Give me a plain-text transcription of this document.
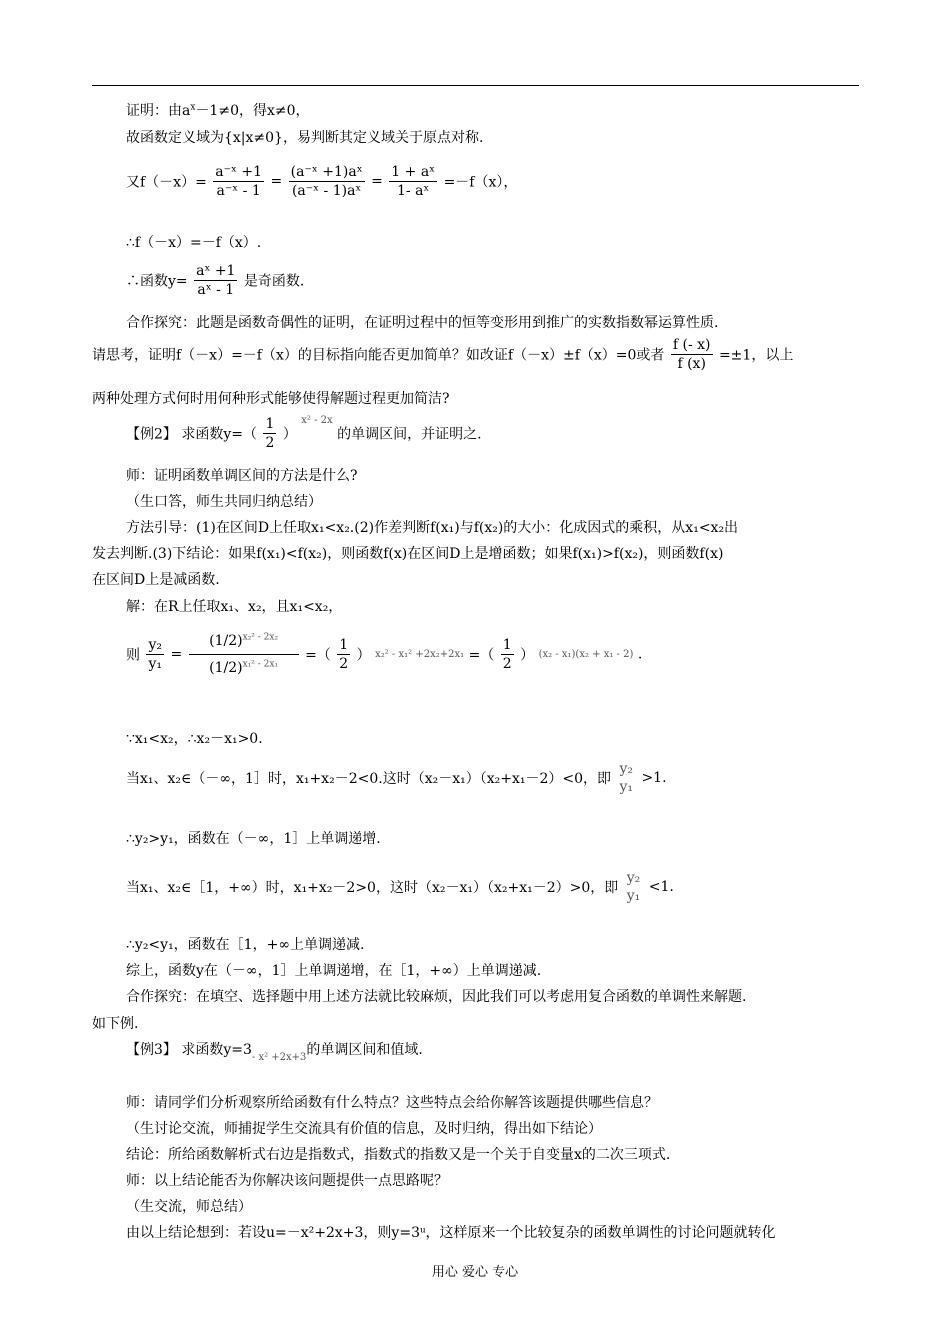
证明：由$a^x-1\ne 0$，得x≠0，
故函数定义域为{x|x≠0}，易判断其定义域关于原点对称.
又$f(-x)= \frac{\text{a⁻ˣ +1}}{\text{a⁻ˣ - 1}} = \frac{\text{(a⁻ˣ +1)aˣ}}{\text{(a⁻ˣ - 1)aˣ}} = \frac{\text{1 + aˣ}}{\text{1- aˣ}} =-f(x)$，
∴f（－x）=－f（x）.
∴函数$y= \frac{\text{aˣ +1}}{\text{aˣ - 1}}$ 是奇函数.
合作探究：此题是函数奇偶性的证明，在证明过程中的恒等变形用到推广的实数指数幂运算性质.
请思考，证明f（－x）=－f（x）的目标指向能否更加简单？如改证f（－x）±f（x）=0或者 $\frac{f (- x)}{f (x)} =\pm 1$，以上
两种处理方式何时用何种形式能够使得解题过程更加简洁?
【例2】 求函数$y=( \frac{1}{2}$ ） $^{x^2 - 2x}$ 的单调区间，并证明之.
师：证明函数单调区间的方法是什么?
（生口答，师生共同归纳总结）
方法引导：(1)在区间D上任取x₁<x₂.(2)作差判断f(x₁)与f(x₂)的大小：化成因式的乘积，从x₁<x₂出
发去判断.(3)下结论：如果f(x₁)<f(x₂)，则函数f(x)在区间D上是增函数；如果f(x₁)>f(x₂)，则函数f(x)
在区间D上是减函数.
解：在R上任取x₁、x₂，且x₁<x₂，
则 $\frac{\text{y₂}}{\text{y₁}} = \frac{(1/2)^{x_2^2 - 2x_2}}{(1/2)^{x_1^2 - 2x_1}}$ =（ $\frac{1}{2}$ ） x₂² - x₁² +2x₂+2x₁ =（ $\frac{1}{2}$ ） (x₂ - x₁)(x₂ + x₁ - 2) .
∵x₁<x₂，∴x₂－x₁>0.
当x₁、x₂∈（－∞，1］时，x₁+x₂－2<0.这时（x₂－x₁）（x₂+x₁－2）<0，即
y₂
y₁
>1.
∴y₂>y₁，函数在（－∞，1］上单调递增.
当x₁、x₂∈［1，+∞）时，x₁+x₂－2>0，这时（x₂－x₁）（x₂+x₁－2）>0，即
y₂
y₁
<1.
∴y₂<y₁，函数在［1，+∞上单调递减.
综上，函数y在（－∞，1］上单调递增，在［1，+∞）上单调递减.
合作探究：在填空、选择题中用上述方法就比较麻烦，因此我们可以考虑用复合函数的单调性来解题.
如下例.
【例3】 求函数$y=3_{- x^2 +2x+3}$的单调区间和值域.
师：请同学们分析观察所给函数有什么特点？这些特点会给你解答该题提供哪些信息？
（生讨论交流，师捕捉学生交流具有价值的信息，及时归纳，得出如下结论）
结论：所给函数解析式右边是指数式，指数式的指数又是一个关于自变量x的二次三项式.
师：以上结论能否为你解决该问题提供一点思路呢？
（生交流，师总结）
由以上结论想到：若设u=－x²+2x+3，则y=3ᵘ，这样原来一个比较复杂的函数单调性的讨论问题就转化
用心 爱心 专心
